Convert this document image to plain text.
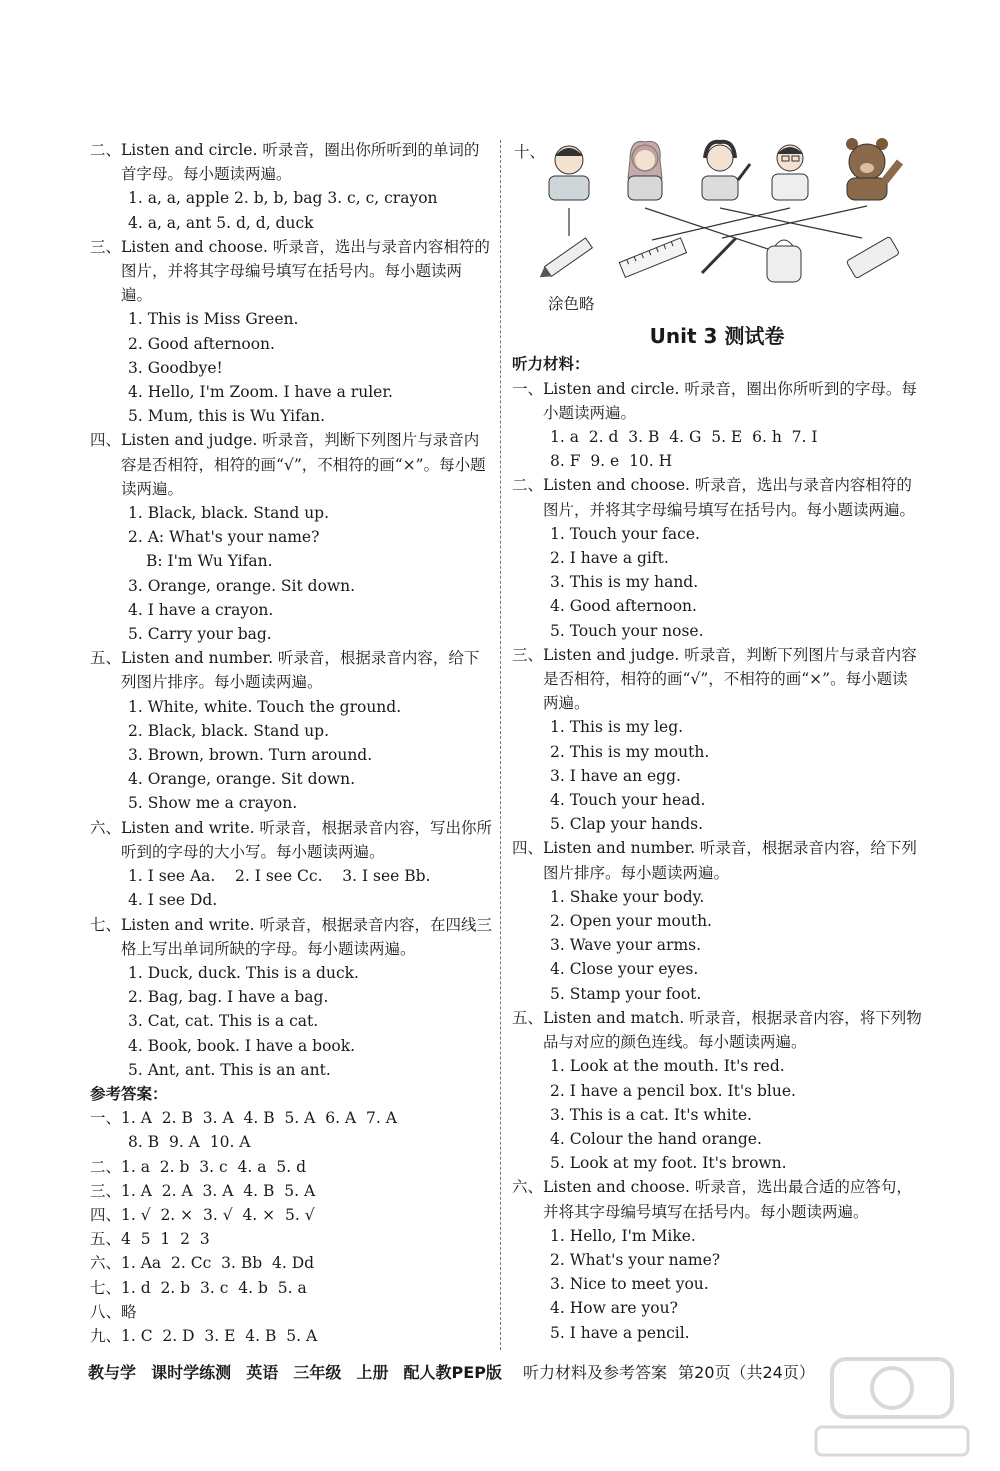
二、 Listen and circle. 听录音，圈出你所听到的单词的首字母。每小题读两遍。
1. a, a, apple 2. b, b, bag 3. c, c, crayon
4. a, a, ant 5. d, d, duck
三、 Listen and choose. 听录音，选出与录音内容相符的图片，并将其字母编号填写在括号内。每小题读两遍。
1. This is Miss Green.
2. Good afternoon.
3. Goodbye!
4. Hello, I'm Zoom. I have a ruler.
5. Mum, this is Wu Yifan.
四、 Listen and judge. 听录音，判断下列图片与录音内容是否相符，相符的画“√”，不相符的画“×”。每小题读两遍。
1. Black, black. Stand up.
2. A: What's your name?
B: I'm Wu Yifan.
3. Orange, orange. Sit down.
4. I have a crayon.
5. Carry your bag.
五、 Listen and number. 听录音，根据录音内容，给下列图片排序。每小题读两遍。
1. White, white. Touch the ground.
2. Black, black. Stand up.
3. Brown, brown. Turn around.
4. Orange, orange. Sit down.
5. Show me a crayon.
六、 Listen and write. 听录音，根据录音内容，写出你所听到的字母的大小写。每小题读两遍。
1. I see Aa.    2. I see Cc.    3. I see Bb.
4. I see Dd.
七、 Listen and write. 听录音，根据录音内容，在四线三格上写出单词所缺的字母。每小题读两遍。
1. Duck, duck. This is a duck.
2. Bag, bag. I have a bag.
3. Cat, cat. This is a cat.
4. Book, book. I have a book.
5. Ant, ant. This is an ant.
参考答案：
一、1. A  2. B  3. A  4. B  5. A  6. A  7. A
8. B  9. A  10. A
二、1. a  2. b  3. c  4. a  5. d
三、1. A  2. A  3. A  4. B  5. A
四、1. √  2. ×  3. √  4. ×  5. √
五、4  5  1  2  3
六、1. Aa  2. Cc  3. Bb  4. Dd
七、1. d  2. b  3. c  4. b  5. a
八、略
九、1. C  2. D  3. E  4. B  5. A
十、
涂色略
Unit 3 测试卷
听力材料：
一、 Listen and circle. 听录音，圈出你所听到的字母。每小题读两遍。
1. a  2. d  3. B  4. G  5. E  6. h  7. I
8. F  9. e  10. H
二、 Listen and choose. 听录音，选出与录音内容相符的图片，并将其字母编号填写在括号内。每小题读两遍。
1. Touch your face.
2. I have a gift.
3. This is my hand.
4. Good afternoon.
5. Touch your nose.
三、 Listen and judge. 听录音，判断下列图片与录音内容是否相符，相符的画“√”，不相符的画“×”。每小题读两遍。
1. This is my leg.
2. This is my mouth.
3. I have an egg.
4. Touch your head.
5. Clap your hands.
四、 Listen and number. 听录音，根据录音内容，给下列图片排序。每小题读两遍。
1. Shake your body.
2. Open your mouth.
3. Wave your arms.
4. Close your eyes.
5. Stamp your foot.
五、 Listen and match. 听录音，根据录音内容，将下列物品与对应的颜色连线。每小题读两遍。
1. Look at the mouth. It's red.
2. I have a pencil box. It's blue.
3. This is a cat. It's white.
4. Colour the hand orange.
5. Look at my foot. It's brown.
六、 Listen and choose. 听录音，选出最合适的应答句，并将其字母编号填写在括号内。每小题读两遍。
1. Hello, I'm Mike.
2. What's your name?
3. Nice to meet you.
4. How are you?
5. I have a pencil.
教与学 课时学练测 英语 三年级 上册 配人教PEP版 听力材料及参考答案 第20页（共24页）
